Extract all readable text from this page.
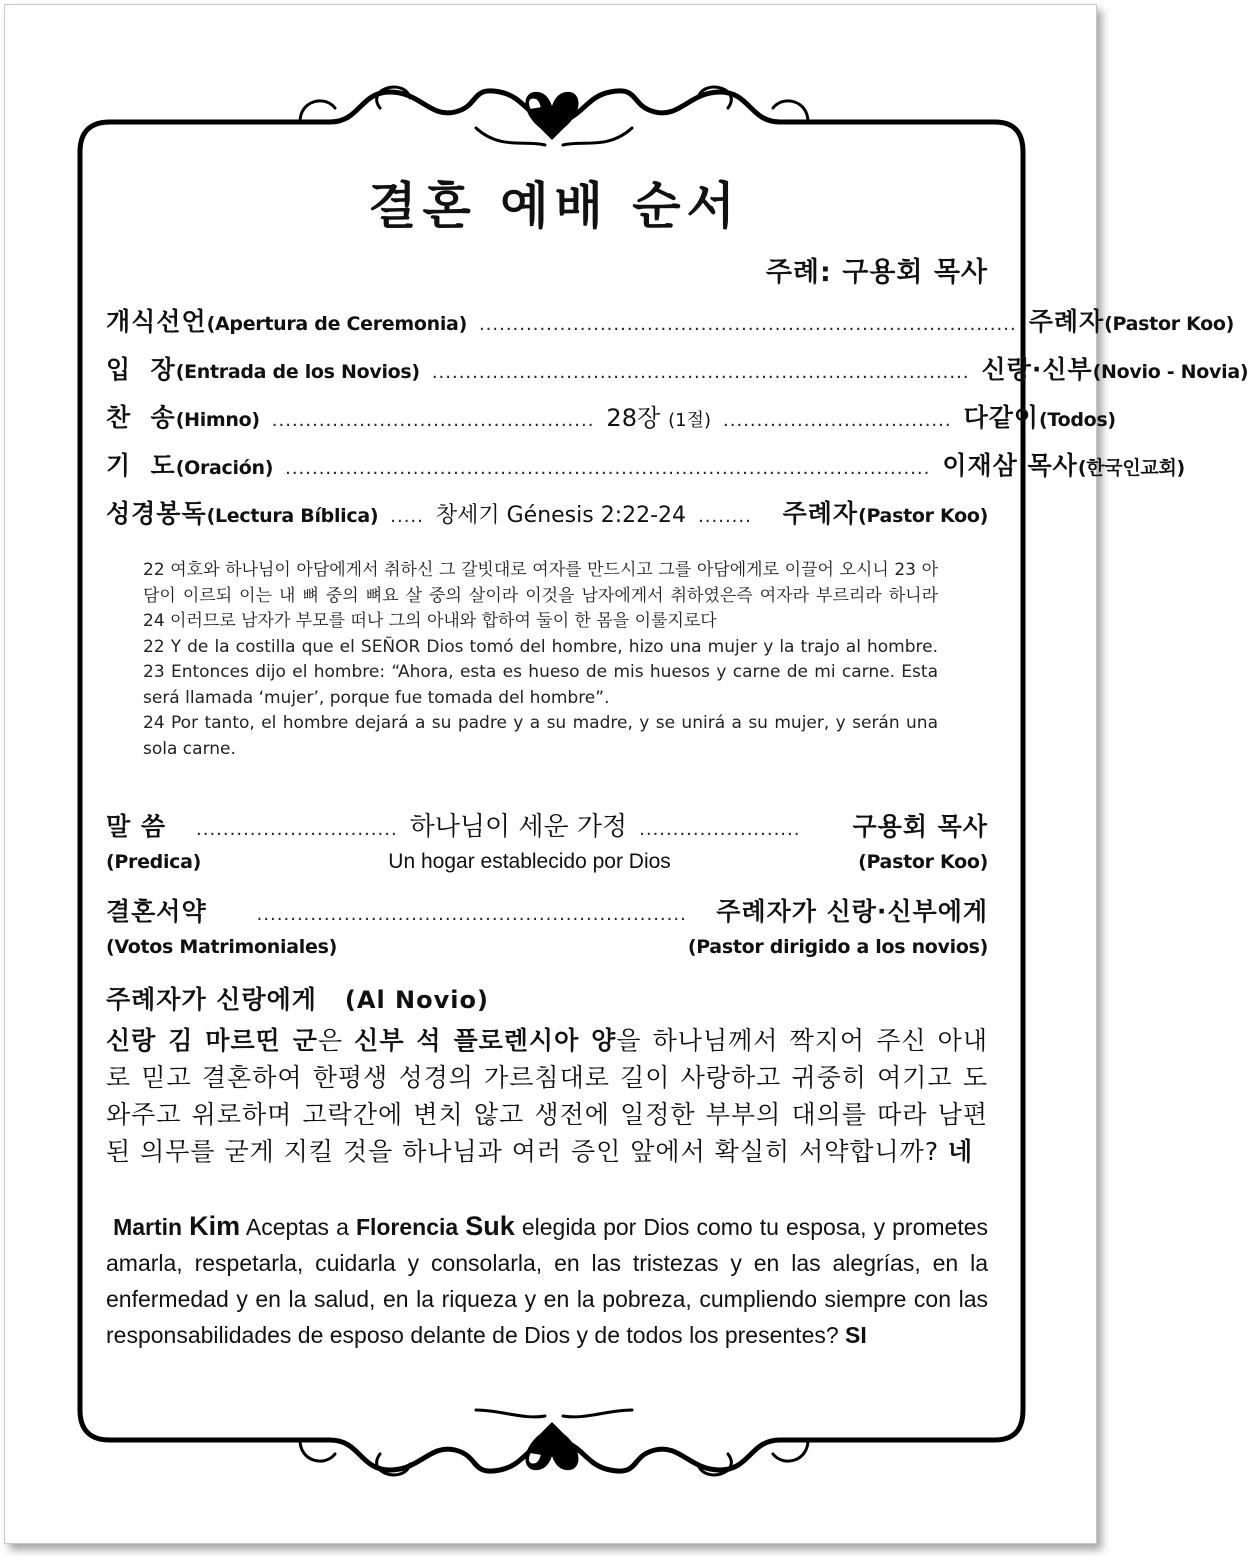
결혼 예배 순서
주례: 구용회 목사
개식선언 (Apertura de Ceremonia) ................................................................................ 주례자 (Pastor Koo)
입  장 (Entrada de los Novios) ................................................................................ 신랑·신부 (Novio - Novia)
찬  송 (Himno) ................................................ 28장 (1절) .................................. 다같이 (Todos)
기  도 (Oración) ................................................................................................ 이재삼 목사 (한국인교회)
성경봉독 (Lectura Bíblica) ..... 창세기 Génesis 2:22-24 ........ 주례자 (Pastor Koo)

22 여호와 하나님이 아담에게서 취하신 그 갈빗대로 여자를 만드시고 그를 아담에게로 이끌어 오시니 23 아담이 이르되 이는 내 뼈 중의 뼈요 살 중의 살이라 이것을 남자에게서 취하였은즉 여자라 부르리라 하니라 24 이러므로 남자가 부모를 떠나 그의 아내와 합하여 둘이 한 몸을 이룰지로다

22 Y de la costilla que el SEÑOR Dios tomó del hombre, hizo una mujer y la trajo al hombre. 23 Entonces dijo el hombre: “Ahora, esta es hueso de mis huesos y carne de mi carne. Esta será llamada ‘mujer’, porque fue tomada del hombre”.

24 Por tanto, el hombre dejará a su padre y a su madre, y se unirá a su mujer, y serán una sola carne.

말 씀 .............................. 하나님이 세운 가정 ........................	구용회 목사
(Predica)	Un hogar establecido por Dios	(Pastor Koo)
결혼서약	................................................................	주례자가 신랑·신부에게
(Votos Matrimoniales)	(Pastor dirigido a los novios)
주례자가 신랑에게 (Al Novio)
신랑 김 마르띤 군은 신부 석 플로렌시아 양을 하나님께서 짝지어 주신 아내로 믿고 결혼하여 한평생 성경의 가르침대로 길이 사랑하고 귀중히 여기고 도와주고 위로하며 고락간에 변치 않고 생전에 일정한 부부의 대의를 따라 남편 된 의무를 굳게 지킬 것을 하나님과 여러 증인 앞에서 확실히 서약합니까? 네
Martin Kim Aceptas a Florencia Suk elegida por Dios como tu esposa, y prometes amarla, respetarla, cuidarla y consolarla, en las tristezas y en las alegrías, en la enfermedad y en la salud, en la riqueza y en la pobreza, cumpliendo siempre con las responsabilidades de esposo delante de Dios y de todos los presentes? SI
